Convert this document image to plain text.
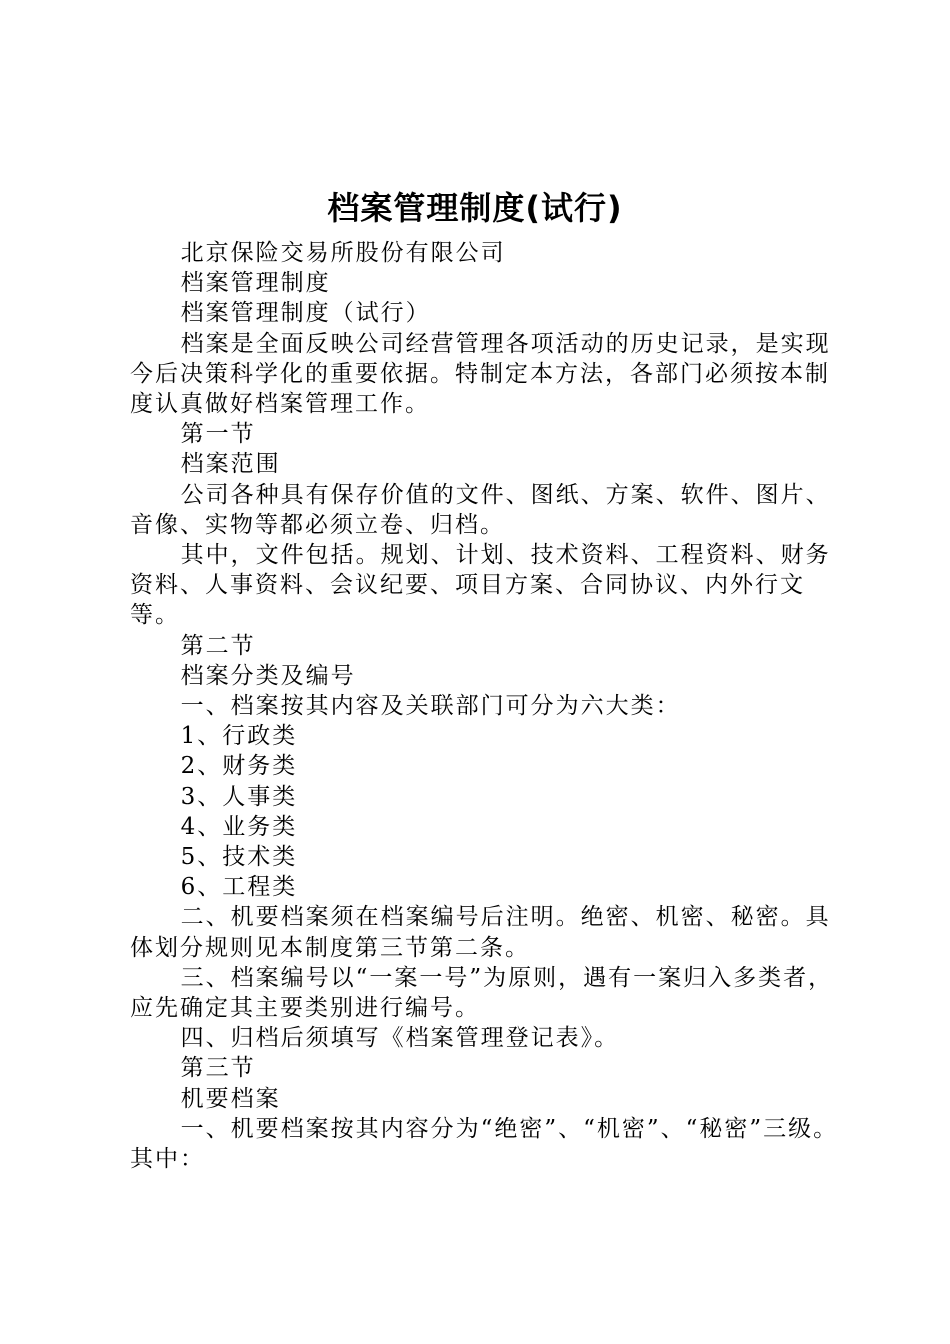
档案管理制度(试行)

北京保险交易所股份有限公司

档案管理制度

档案管理制度（试行）

档案是全面反映公司经营管理各项活动的历史记录，是实现今后决策科学化的重要依据。特制定本方法，各部门必须按本制度认真做好档案管理工作。

第一节

档案范围

公司各种具有保存价值的文件、图纸、方案、软件、图片、音像、实物等都必须立卷、归档。

其中，文件包括。规划、计划、技术资料、工程资料、财务资料、人事资料、会议纪要、项目方案、合同协议、内外行文等。

第二节

档案分类及编号

一、档案按其内容及关联部门可分为六大类：

1、行政类

2、财务类

3、人事类

4、业务类

5、技术类

6、工程类

二、机要档案须在档案编号后注明。绝密、机密、秘密。具体划分规则见本制度第三节第二条。

三、档案编号以“一案一号”为原则，遇有一案归入多类者，应先确定其主要类别进行编号。

四、归档后须填写《档案管理登记表》。

第三节

机要档案

一、机要档案按其内容分为“绝密”、“机密”、“秘密”三级。其中：
